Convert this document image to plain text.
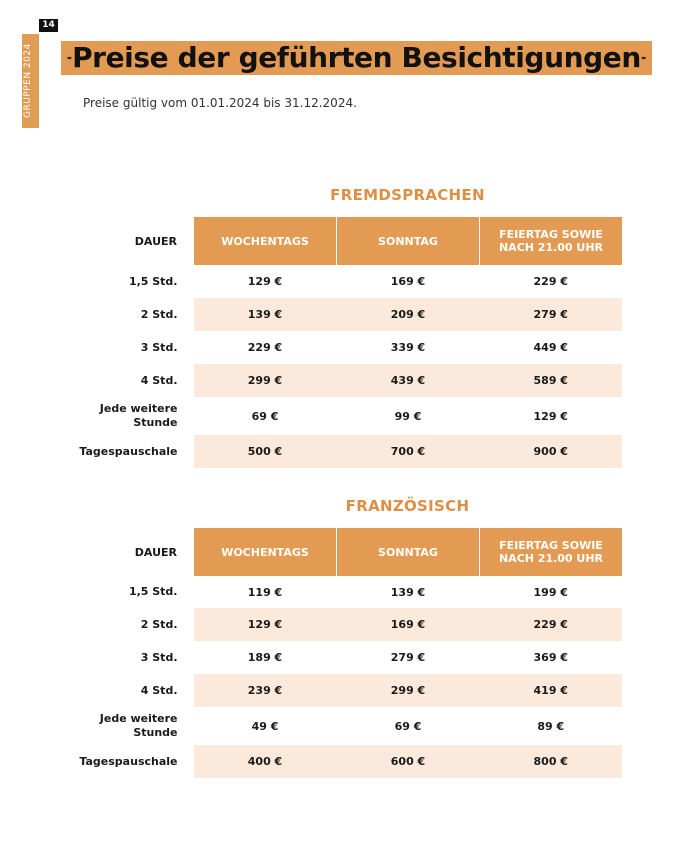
GRUPPEN 2024
14
Preise der geführten Besichtigungen
Preise gültig vom 01.01.2024 bis 31.12.2024.
FREMDSPRACHEN
DAUER	WOCHENTAGS	SONNTAG	FEIERTAG SOWIE NACH 21.00 UHR
1,5 Std.	129 €	169 €	229 €
2 Std.	139 €	209 €	279 €
3 Std.	229 €	339 €	449 €
4 Std.	299 €	439 €	589 €
Jede weitere Stunde	69 €	99 €	129 €
Tagespauschale	500 €	700 €	900 €
FRANZÖSISCH
DAUER	WOCHENTAGS	SONNTAG	FEIERTAG SOWIE NACH 21.00 UHR
1,5 Std.	119 €	139 €	199 €
2 Std.	129 €	169 €	229 €
3 Std.	189 €	279 €	369 €
4 Std.	239 €	299 €	419 €
Jede weitere Stunde	49 €	69 €	89 €
Tagespauschale	400 €	600 €	800 €
